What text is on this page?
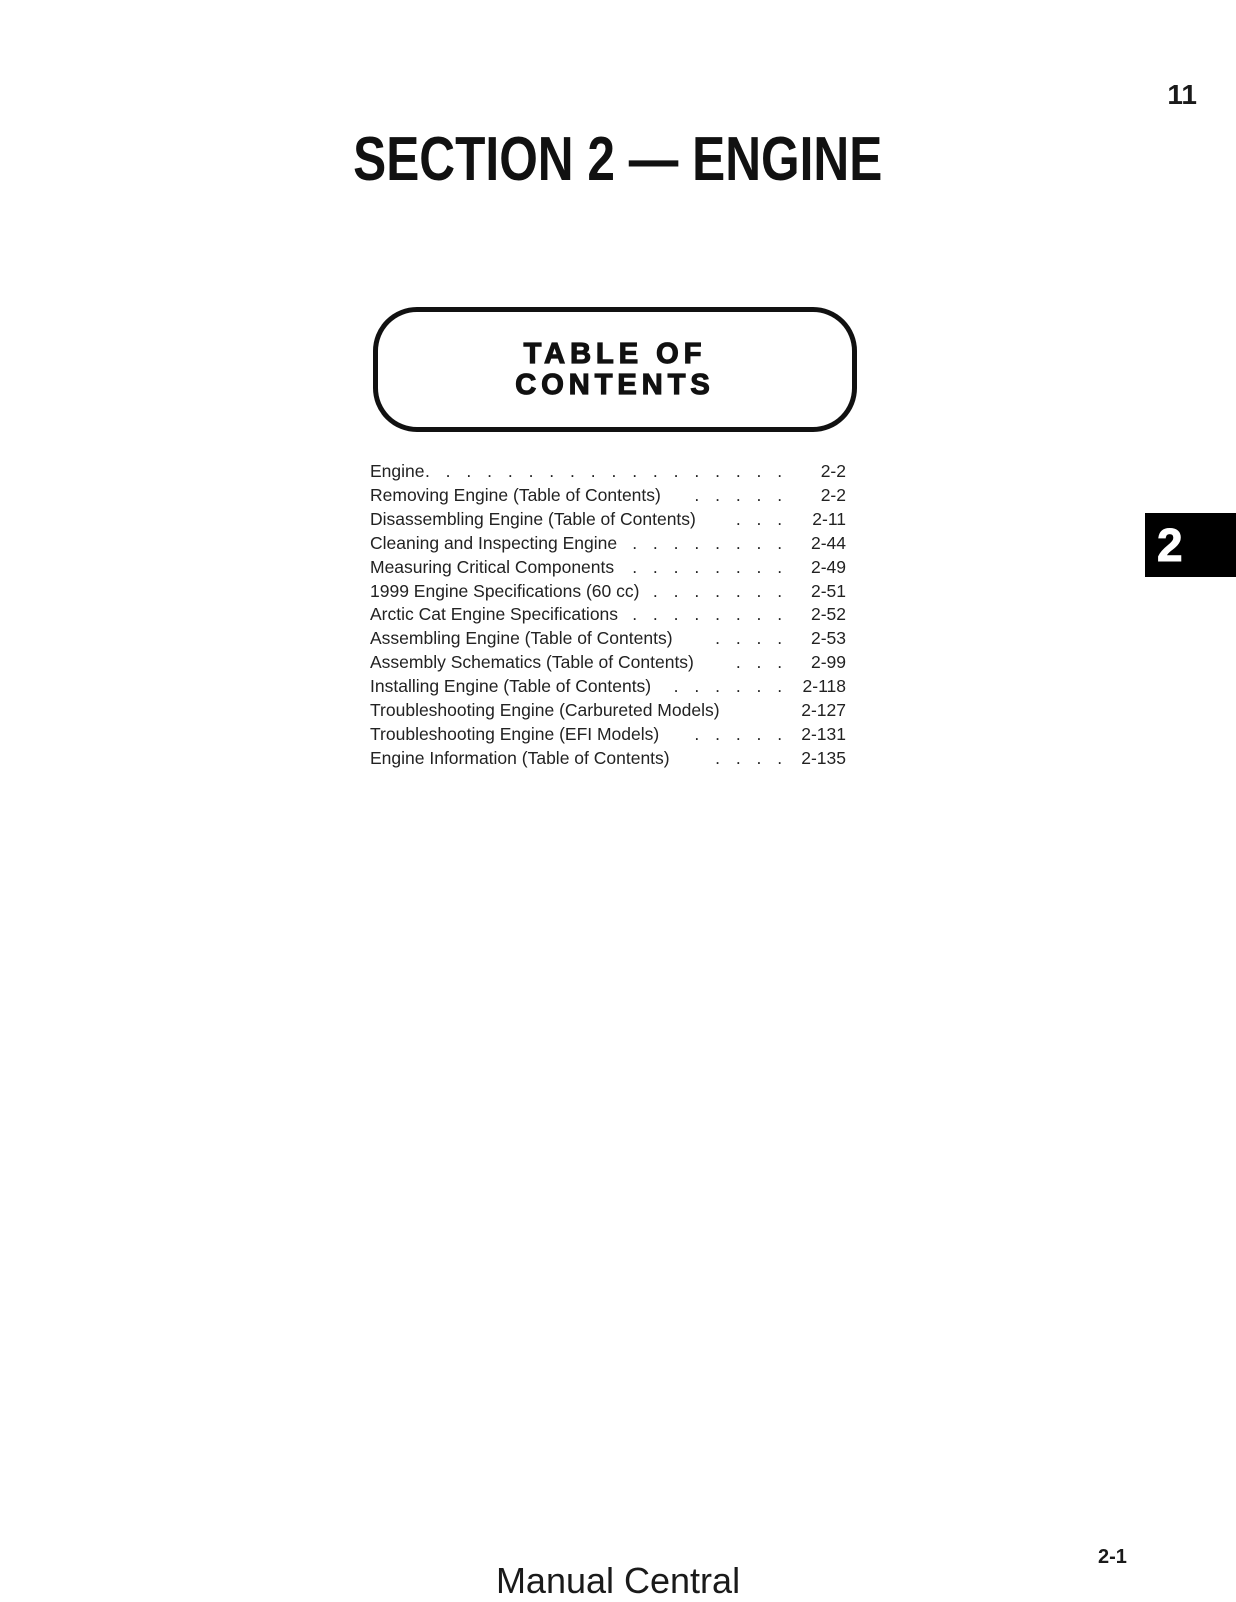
11
SECTION 2 — ENGINE
TABLE OF
CONTENTS
Engine . . . . . . . . . . . . . . . . . .	2-2
Removing Engine (Table of Contents)	. . . . .	2-2
Disassembling Engine (Table of Contents)	. . . 2-11
Cleaning and Inspecting Engine . . . . . . . . 2-44
Measuring Critical Components	. . . . . . . . 2-49
1999 Engine Specifications (60 cc) . . . . . . . 2-51
Arctic Cat Engine Specifications . . . . . . . . 2-52
Assembling Engine (Table of Contents)	. . . . 2-53
Assembly Schematics (Table of Contents)	. . . 2-99
Installing Engine (Table of Contents)	. . . . . . 2-118
Troubleshooting Engine (Carbureted Models)	2-127
Troubleshooting Engine (EFI Models)	. . . . . 2-131
Engine Information (Table of Contents)	. . . . 2-135
2
2-1
Manual Central
